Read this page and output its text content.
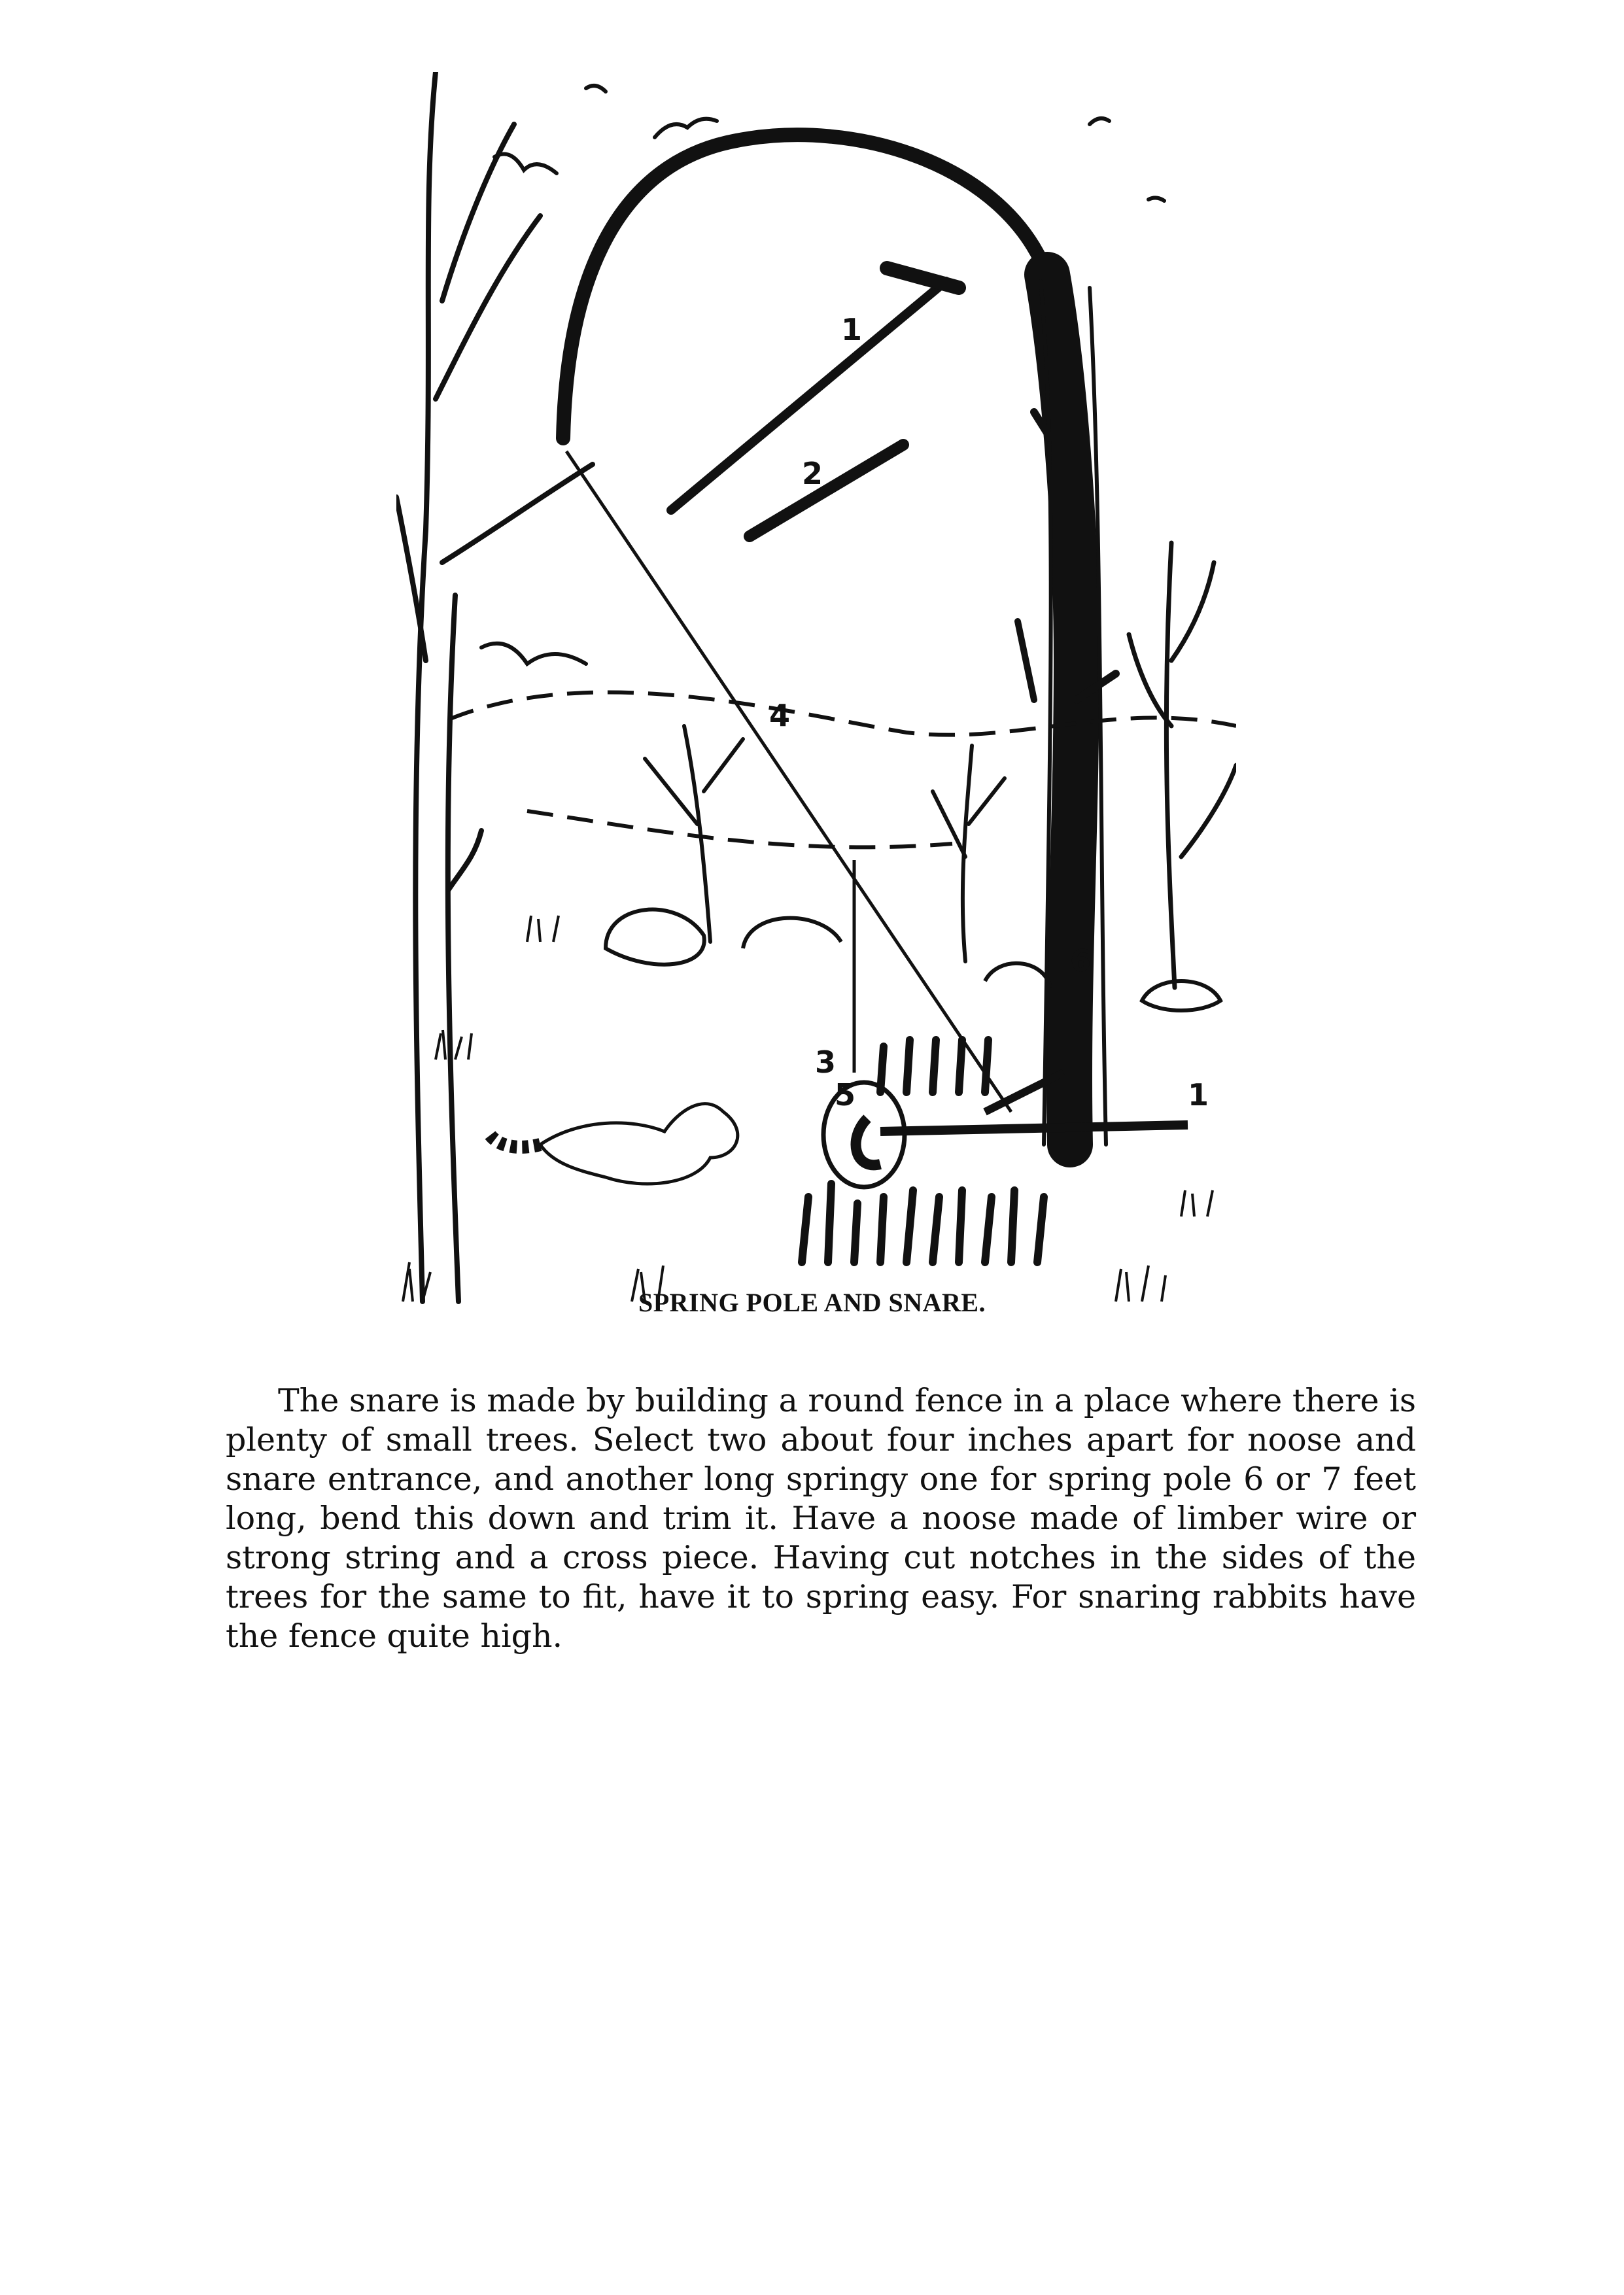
1
2
3
4
5
6
1
SPRING POLE AND SNARE.

The snare is made by building a round fence in a place where there is plenty of small trees. Select two about four inches apart for noose and snare entrance, and another long springy one for spring pole 6 or 7 feet long, bend this down and trim it. Have a noose made of limber wire or strong string and a cross piece. Having cut notches in the sides of the trees for the same to fit, have it to spring easy. For snaring rabbits have the fence quite high.
